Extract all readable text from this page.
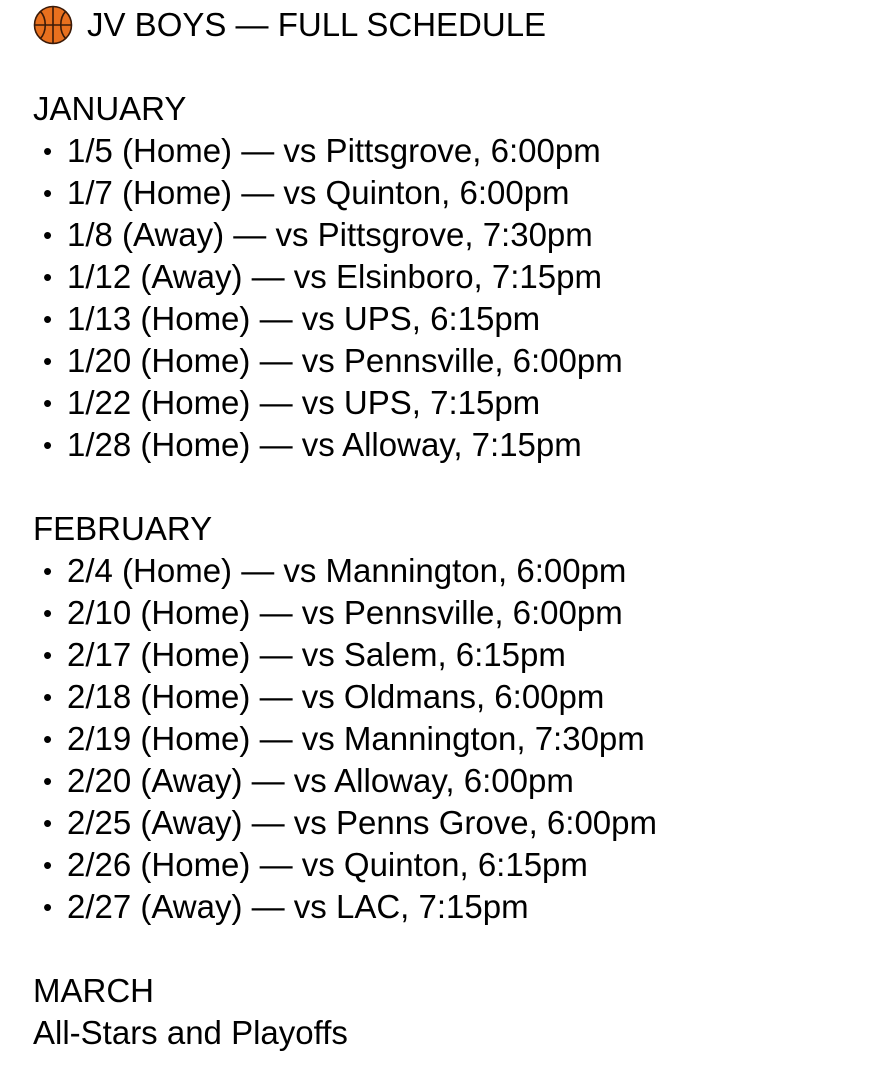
JV BOYS — FULL SCHEDULE
JANUARY
• 1/5 (Home) — vs Pittsgrove, 6:00pm
• 1/7 (Home) — vs Quinton, 6:00pm
• 1/8 (Away) — vs Pittsgrove, 7:30pm
• 1/12 (Away) — vs Elsinboro, 7:15pm
• 1/13 (Home) — vs UPS, 6:15pm
• 1/20 (Home) — vs Pennsville, 6:00pm
• 1/22 (Home) — vs UPS, 7:15pm
• 1/28 (Home) — vs Alloway, 7:15pm
FEBRUARY
• 2/4 (Home) — vs Mannington, 6:00pm
• 2/10 (Home) — vs Pennsville, 6:00pm
• 2/17 (Home) — vs Salem, 6:15pm
• 2/18 (Home) — vs Oldmans, 6:00pm
• 2/19 (Home) — vs Mannington, 7:30pm
• 2/20 (Away) — vs Alloway, 6:00pm
• 2/25 (Away) — vs Penns Grove, 6:00pm
• 2/26 (Home) — vs Quinton, 6:15pm
• 2/27 (Away) — vs LAC, 7:15pm
MARCH
All-Stars and Playoffs
